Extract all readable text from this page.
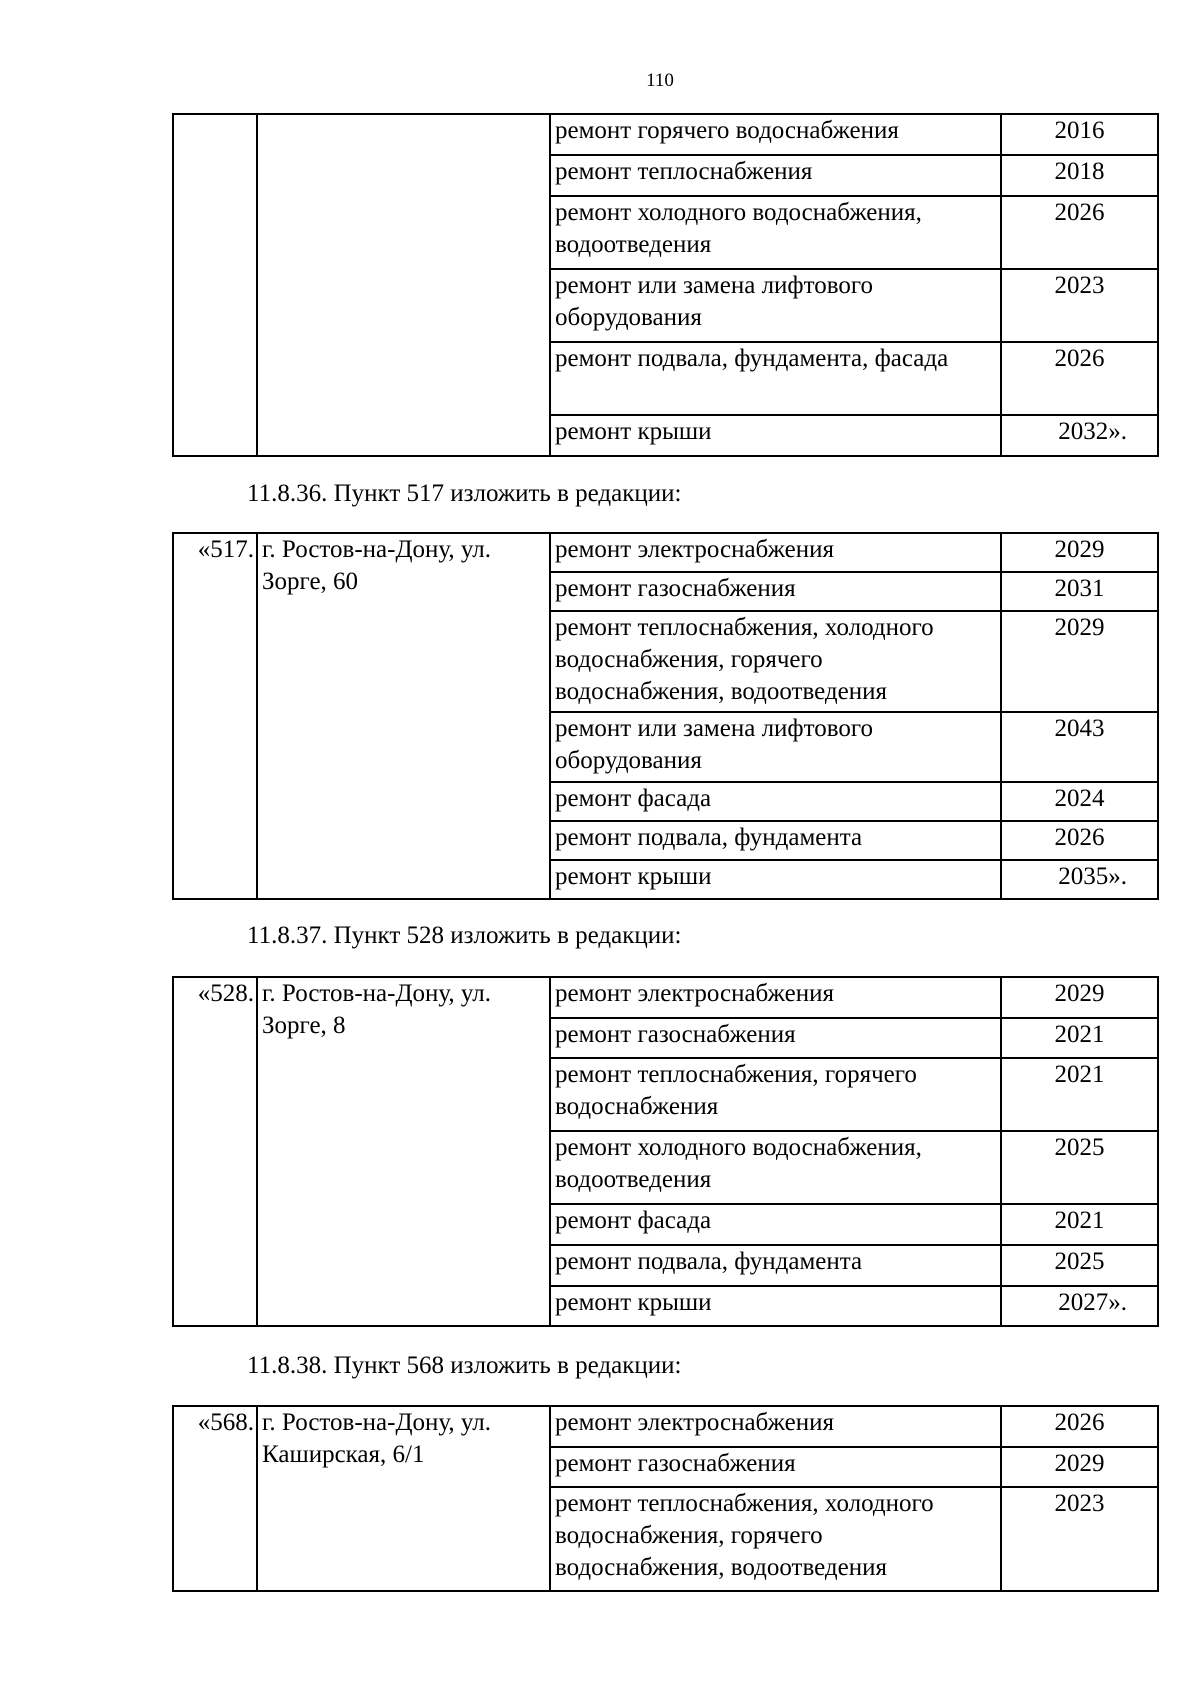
110
		ремонт горячего водоснабжения	2016
		ремонт теплоснабжения	2018
		ремонт холодного водоснабжения, водоотведения	2026
		ремонт или замена лифтового оборудования	2023
		ремонт подвала, фундамента, фасада	2026
		ремонт крыши	2032».
11.8.36. Пункт 517 изложить в редакции:
«517.	г. Ростов-на-Дону, ул. Зорге, 60	ремонт электроснабжения	2029
		ремонт газоснабжения	2031
		ремонт теплоснабжения, холодного водоснабжения, горячего водоснабжения, водоотведения	2029
		ремонт или замена лифтового оборудования	2043
		ремонт фасада	2024
		ремонт подвала, фундамента	2026
		ремонт крыши	2035».
11.8.37. Пункт 528 изложить в редакции:
«528.	г. Ростов-на-Дону, ул. Зорге, 8	ремонт электроснабжения	2029
		ремонт газоснабжения	2021
		ремонт теплоснабжения, горячего водоснабжения	2021
		ремонт холодного водоснабжения, водоотведения	2025
		ремонт фасада	2021
		ремонт подвала, фундамента	2025
		ремонт крыши	2027».
11.8.38. Пункт 568 изложить в редакции:
«568.	г. Ростов-на-Дону, ул. Каширская, 6/1	ремонт электроснабжения	2026
		ремонт газоснабжения	2029
		ремонт теплоснабжения, холодного водоснабжения, горячего водоснабжения, водоотведения	2023
